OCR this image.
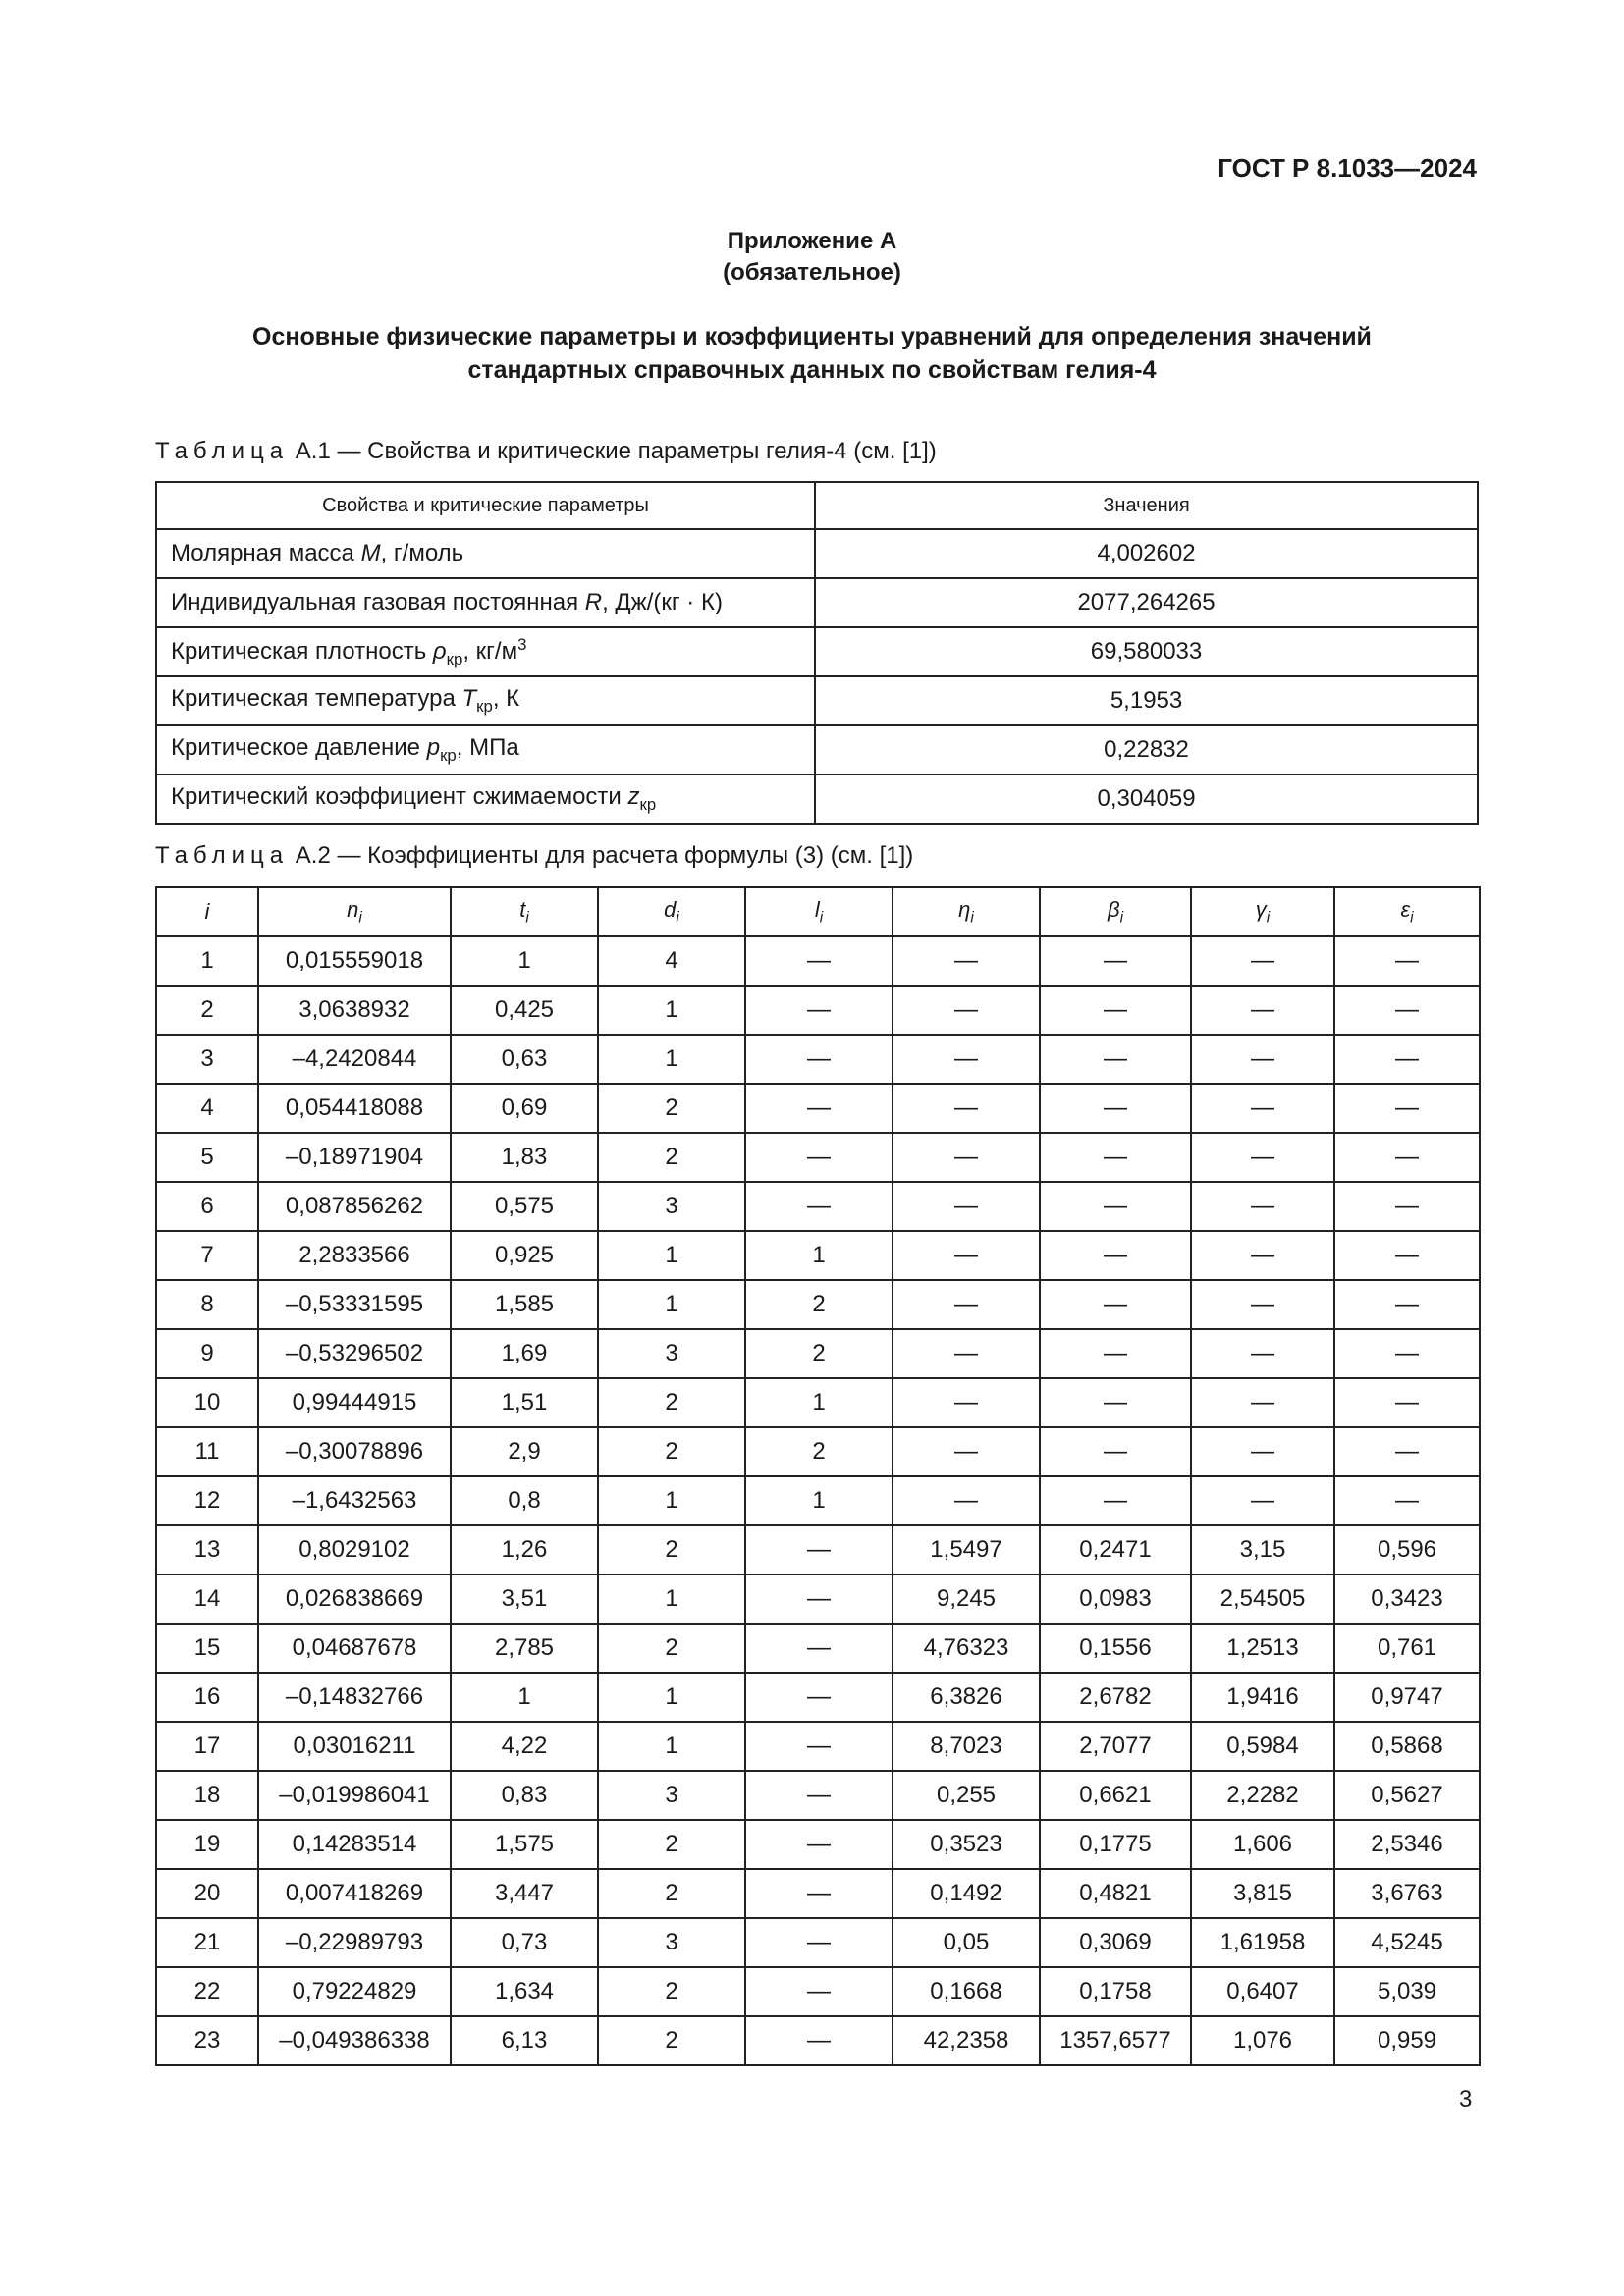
ГОСТ Р 8.1033—2024
Приложение А
(обязательное)
Основные физические параметры и коэффициенты уравнений для определения значений
стандартных справочных данных по свойствам гелия-4
Таблица А.1 — Свойства и критические параметры гелия-4 (см. [1])
Свойства и критические параметры	Значения
Молярная масса M, г/моль	4,002602
Индивидуальная газовая постоянная R, Дж/(кг · К)	2077,264265
Критическая плотность $\rho_{кр}$, $кг/м^3$	69,580033
Критическая температура $T_{кр}$, К	5,1953
Критическое давление $p_{кр}$, МПа	0,22832
Критический коэффициент сжимаемости $z_{кр}$	0,304059
Таблица А.2 — Коэффициенты для расчета формулы (3) (см. [1])
i	$n_i$	$t_i$	$d_i$	$l_i$	$\eta_i$	$\beta_i$	$\gamma_i$	$\varepsilon_i$
1	0,015559018	1	4	—	—	—	—	—
2	3,0638932	0,425	1	—	—	—	—	—
3	–4,2420844	0,63	1	—	—	—	—	—
4	0,054418088	0,69	2	—	—	—	—	—
5	–0,18971904	1,83	2	—	—	—	—	—
6	0,087856262	0,575	3	—	—	—	—	—
7	2,2833566	0,925	1	1	—	—	—	—
8	–0,53331595	1,585	1	2	—	—	—	—
9	–0,53296502	1,69	3	2	—	—	—	—
10	0,99444915	1,51	2	1	—	—	—	—
11	–0,30078896	2,9	2	2	—	—	—	—
12	–1,6432563	0,8	1	1	—	—	—	—
13	0,8029102	1,26	2	—	1,5497	0,2471	3,15	0,596
14	0,026838669	3,51	1	—	9,245	0,0983	2,54505	0,3423
15	0,04687678	2,785	2	—	4,76323	0,1556	1,2513	0,761
16	–0,14832766	1	1	—	6,3826	2,6782	1,9416	0,9747
17	0,03016211	4,22	1	—	8,7023	2,7077	0,5984	0,5868
18	–0,019986041	0,83	3	—	0,255	0,6621	2,2282	0,5627
19	0,14283514	1,575	2	—	0,3523	0,1775	1,606	2,5346
20	0,007418269	3,447	2	—	0,1492	0,4821	3,815	3,6763
21	–0,22989793	0,73	3	—	0,05	0,3069	1,61958	4,5245
22	0,79224829	1,634	2	—	0,1668	0,1758	0,6407	5,039
23	–0,049386338	6,13	2	—	42,2358	1357,6577	1,076	0,959
3
